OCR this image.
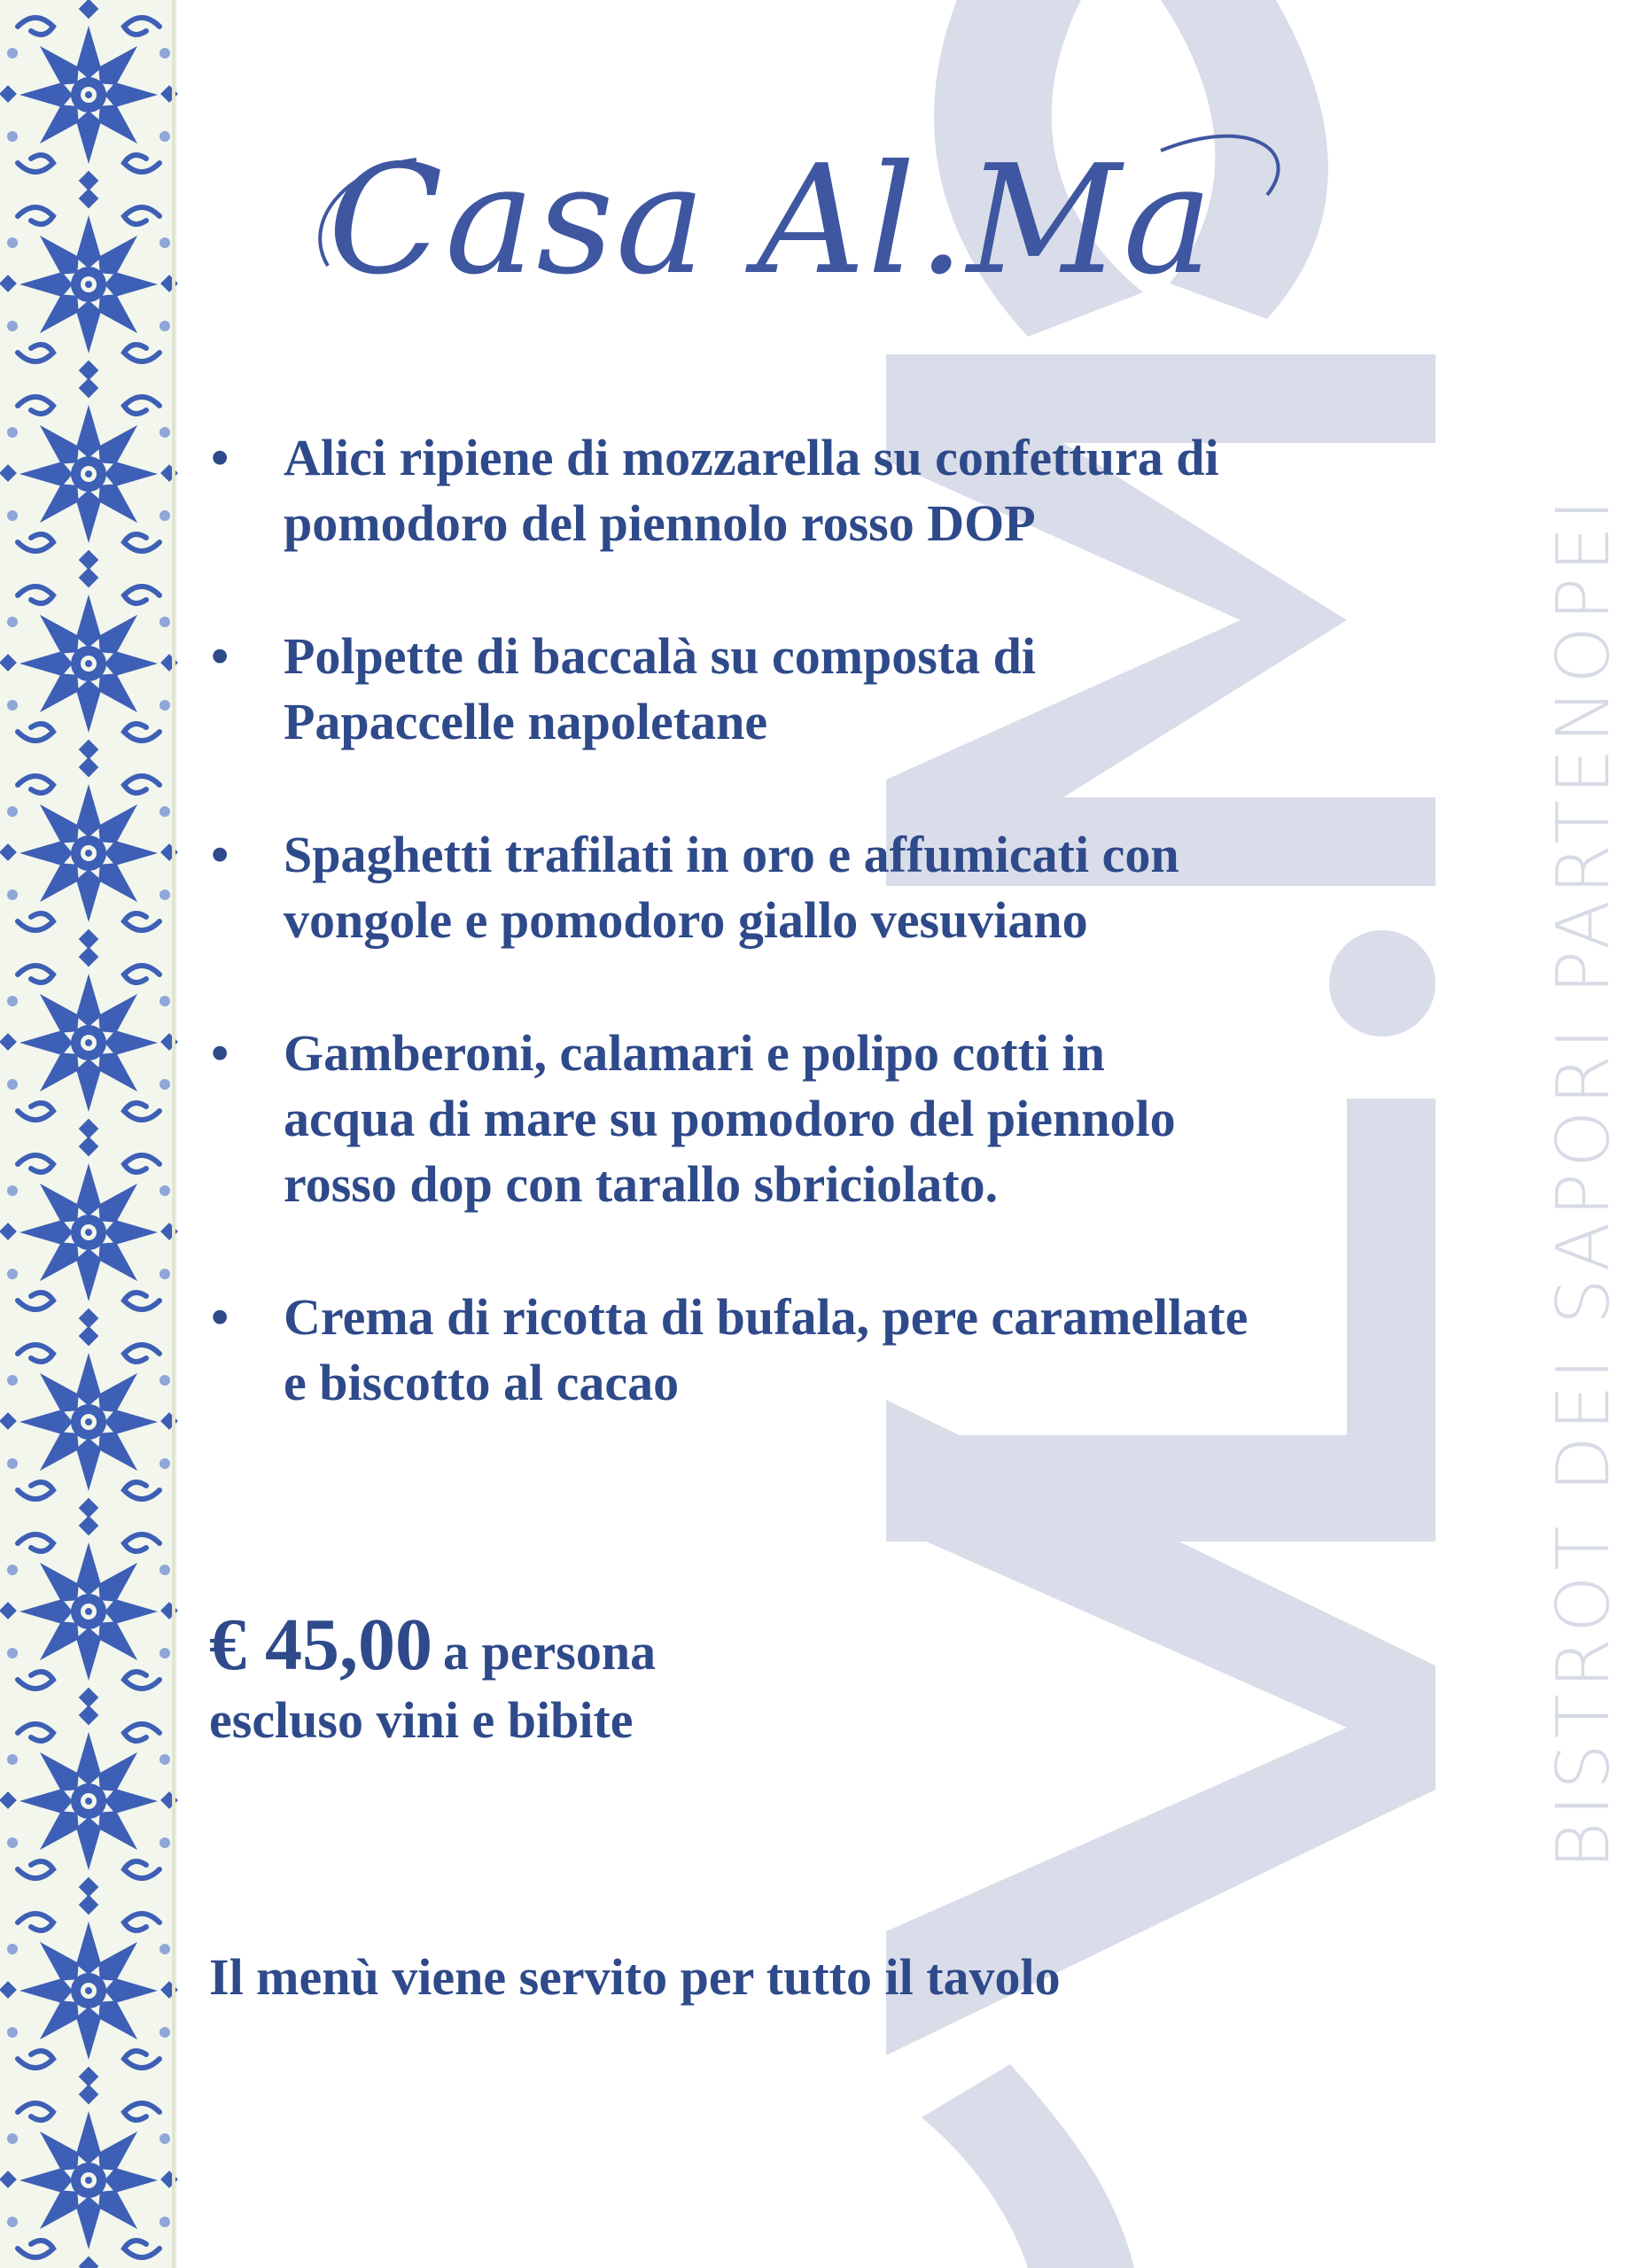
BISTROT DEI SAPORI PARTENOPEI
Casa Al.Ma
• Alici ripiene di mozzarella su confettura di
pomodoro del piennolo rosso DOP
• Polpette di baccalà su composta di
Papaccelle napoletane
• Spaghetti trafilati in oro e affumicati con
vongole e pomodoro giallo vesuviano
• Gamberoni, calamari e polipo cotti in
acqua di mare su pomodoro del piennolo
rosso dop con tarallo sbriciolato.
• Crema di ricotta di bufala, pere caramellate
e biscotto al cacao
€ 45,00 a persona
escluso vini e bibite
Il menù viene servito per tutto il tavolo
